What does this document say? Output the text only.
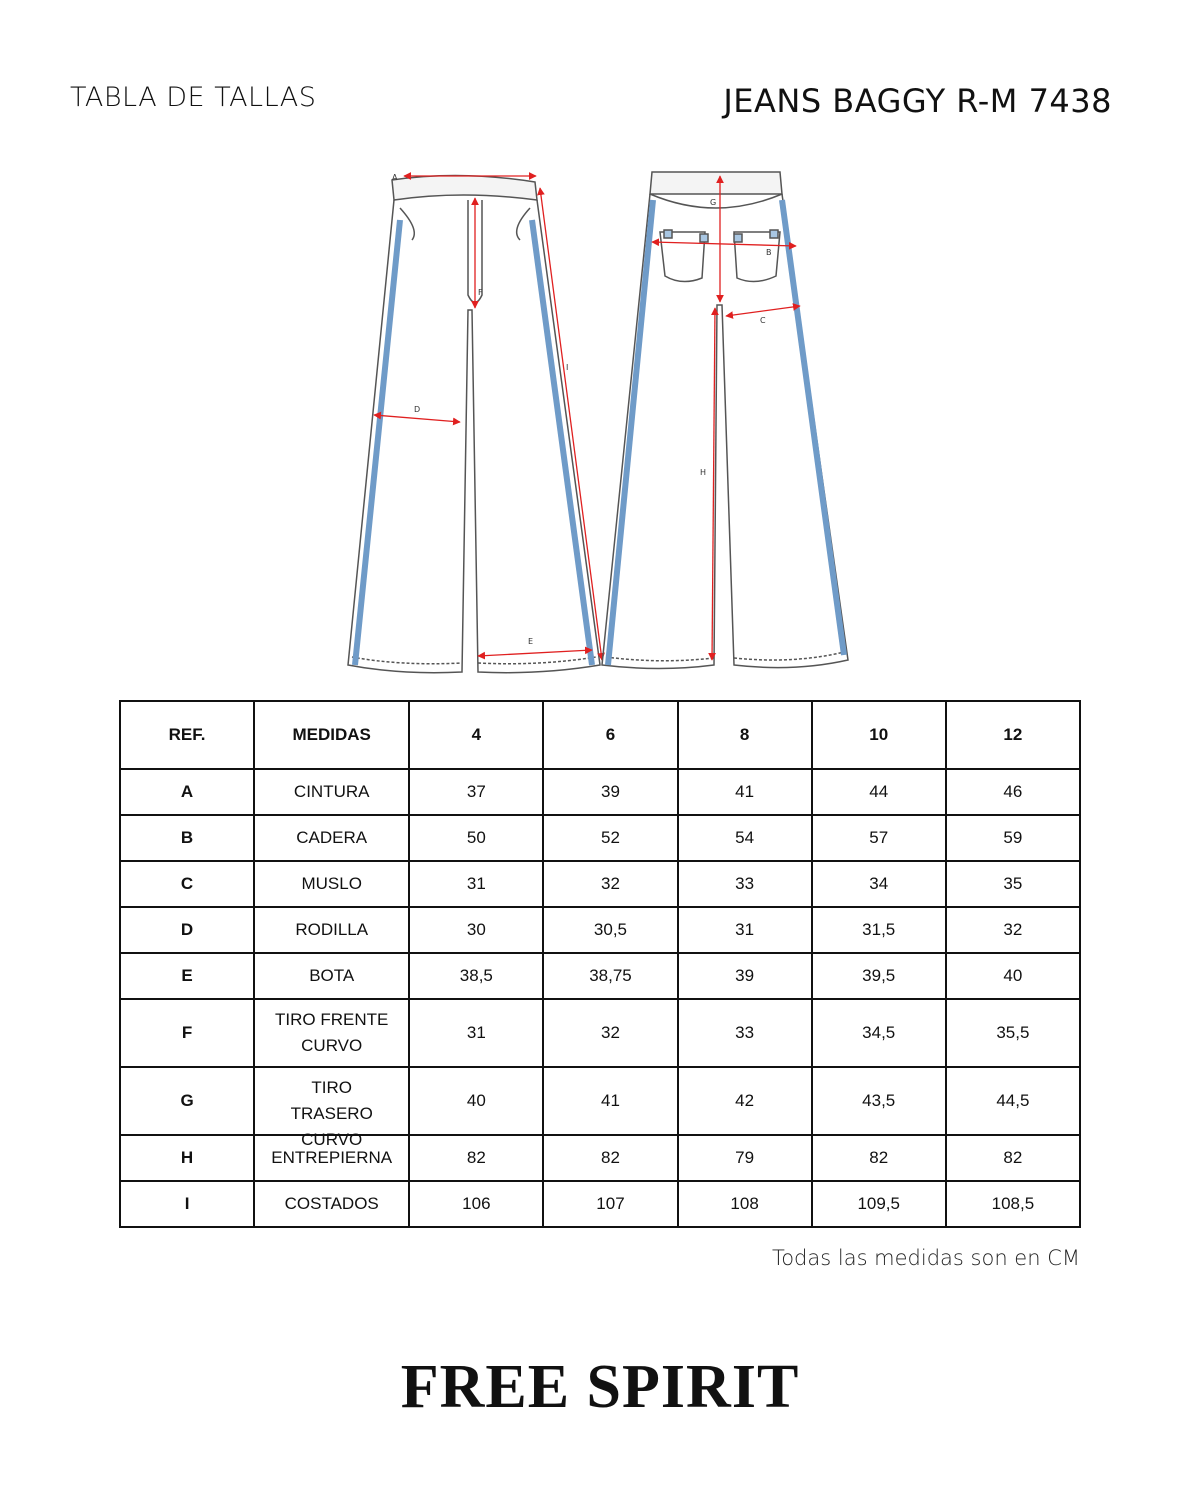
TABLA DE TALLAS	JEANS BAGGY R-M 7438
A
F
I
D
E
G
B
C
H
REF.	MEDIDAS	4	6	8	10	12
A	CINTURA	37	39	41	44	46
B	CADERA	50	52	54	57	59
C	MUSLO	31	32	33	34	35
D	RODILLA	30	30,5	31	31,5	32
E	BOTA	38,5	38,75	39	39,5	40
F	TIRO FRENTE CURVO	31	32	33	34,5	35,5
G	TIRO TRASERO CURVO	40	41	42	43,5	44,5
H	ENTREPIERNA	82	82	79	82	82
I	COSTADOS	106	107	108	109,5	108,5
Todas las medidas son en CM
FREE SPIRIT
